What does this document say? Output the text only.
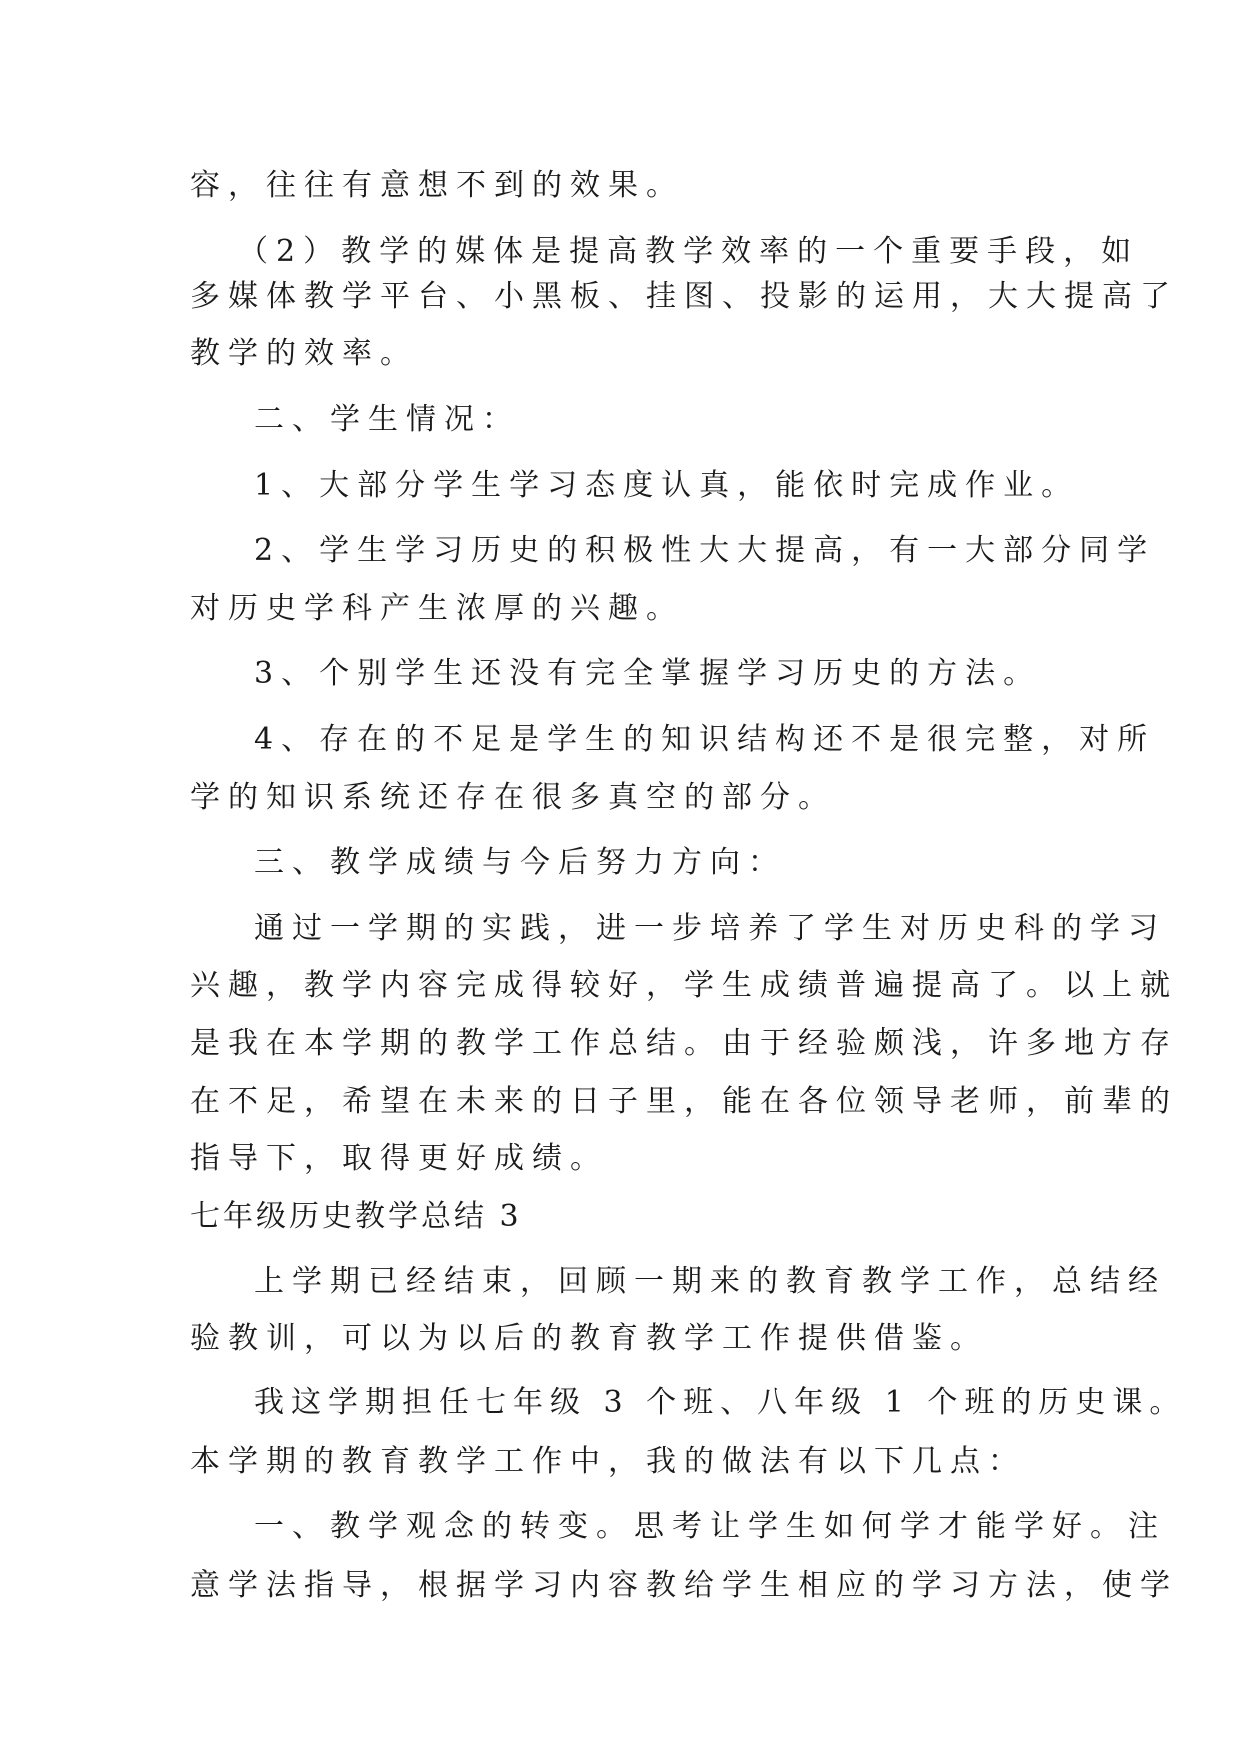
容，往往有意想不到的效果。
（2）教学的媒体是提高教学效率的一个重要手段，如
多媒体教学平台、小黑板、挂图、投影的运用，大大提高了
教学的效率。
二、学生情况：
1、大部分学生学习态度认真，能依时完成作业。
2、学生学习历史的积极性大大提高，有一大部分同学
对历史学科产生浓厚的兴趣。
3、个别学生还没有完全掌握学习历史的方法。
4、存在的不足是学生的知识结构还不是很完整，对所
学的知识系统还存在很多真空的部分。
三、教学成绩与今后努力方向：
通过一学期的实践，进一步培养了学生对历史科的学习
兴趣，教学内容完成得较好，学生成绩普遍提高了。以上就
是我在本学期的教学工作总结。由于经验颇浅，许多地方存
在不足，希望在未来的日子里，能在各位领导老师，前辈的
指导下，取得更好成绩。
七年级历史教学总结 3
上学期已经结束，回顾一期来的教育教学工作，总结经
验教训，可以为以后的教育教学工作提供借鉴。
我这学期担任七年级 3 个班、八年级 1 个班的历史课。
本学期的教育教学工作中，我的做法有以下几点：
一、教学观念的转变。思考让学生如何学才能学好。注
意学法指导，根据学习内容教给学生相应的学习方法，使学
